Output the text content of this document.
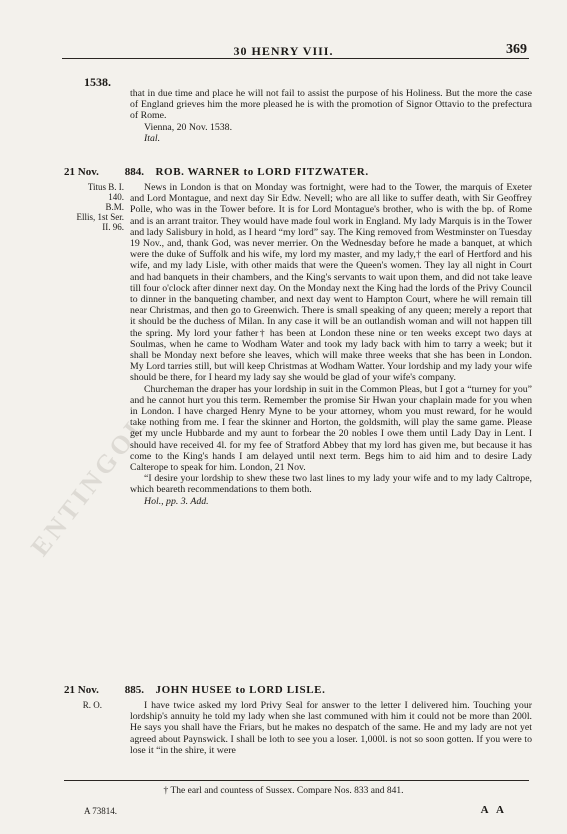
30 HENRY VIII.	369
1538.
ENTINGOL

that in due time and place he will not fail to assist the purpose of his Holiness. But the more the case of England grieves him the more pleased he is with the promotion of Signor Ottavio to the prefectura of Rome.

Vienna, 20 Nov. 1538.

Ital.

21 Nov. 884. ROB. WARNER to LORD FITZWATER.
Titus B. I. 140.
B.M.
Ellis, 1st Ser.
II. 96.

News in London is that on Monday was fortnight, were had to the Tower, the marquis of Exeter and Lord Montague, and next day Sir Edw. Nevell; who are all like to suffer death, with Sir Geoffrey Polle, who was in the Tower before. It is for Lord Montague's brother, who is with the bp. of Rome and is an arrant traitor. They would have made foul work in England. My lady Marquis is in the Tower and lady Salisbury in hold, as I heard “my lord” say. The King removed from Westminster on Tuesday 19 Nov., and, thank God, was never merrier. On the Wednesday before he made a banquet, at which were the duke of Suffolk and his wife, my lord my master, and my lady,† the earl of Hertford and his wife, and my lady Lisle, with other maids that were the Queen's women. They lay all night in Court and had banquets in their chambers, and the King's servants to wait upon them, and did not take leave till four o'clock after dinner next day. On the Monday next the King had the lords of the Privy Council to dinner in the banqueting chamber, and next day went to Hampton Court, where he will remain till near Christmas, and then go to Greenwich. There is small speaking of any queen; merely a report that it should be the duchess of Milan. In any case it will be an outlandish woman and will not happen till the spring. My lord your father† has been at London these nine or ten weeks except two days at Soulmas, when he came to Wodham Water and took my lady back with him to tarry a week; but it shall be Monday next before she leaves, which will make three weeks that she has been in London. My Lord tarries still, but will keep Christmas at Wodham Watter. Your lordship and my lady your wife should be there, for I heard my lady say she would be glad of your wife's company.

Churcheman the draper has your lordship in suit in the Common Pleas, but I got a “turney for you” and he cannot hurt you this term. Remember the promise Sir Hwan your chaplain made for you when in London. I have charged Henry Myne to be your attorney, whom you must reward, for he would take nothing from me. I fear the skinner and Horton, the goldsmith, will play the same game. Please get my uncle Hubbarde and my aunt to forbear the 20 nobles I owe them until Lady Day in Lent. I should have received 4l. for my fee of Stratford Abbey that my lord has given me, but because it has come to the King's hands I am delayed until next term. Begs him to aid him and to desire Lady Calterope to speak for him. London, 21 Nov.

“I desire your lordship to shew these two last lines to my lady your wife and to my lady Caltrope, which beareth recommendations to them both.

Hol., pp. 3. Add.

21 Nov. 885. JOHN HUSEE to LORD LISLE.
R. O.	I have twice asked my lord Privy Seal for answer to the letter I delivered him. Touching your lordship's annuity he told my lady when she last communed with him it could not be more than 200l. He says you shall have the Friars, but he makes no despatch of the same. He and my lady are not yet agreed about Paynswick. I shall be loth to see you a loser. 1,000l. is not so soon gotten. If you were to lose it “in the shire, it were

† The earl and countess of Sussex. Compare Nos. 833 and 841.
A 73814.	A A
